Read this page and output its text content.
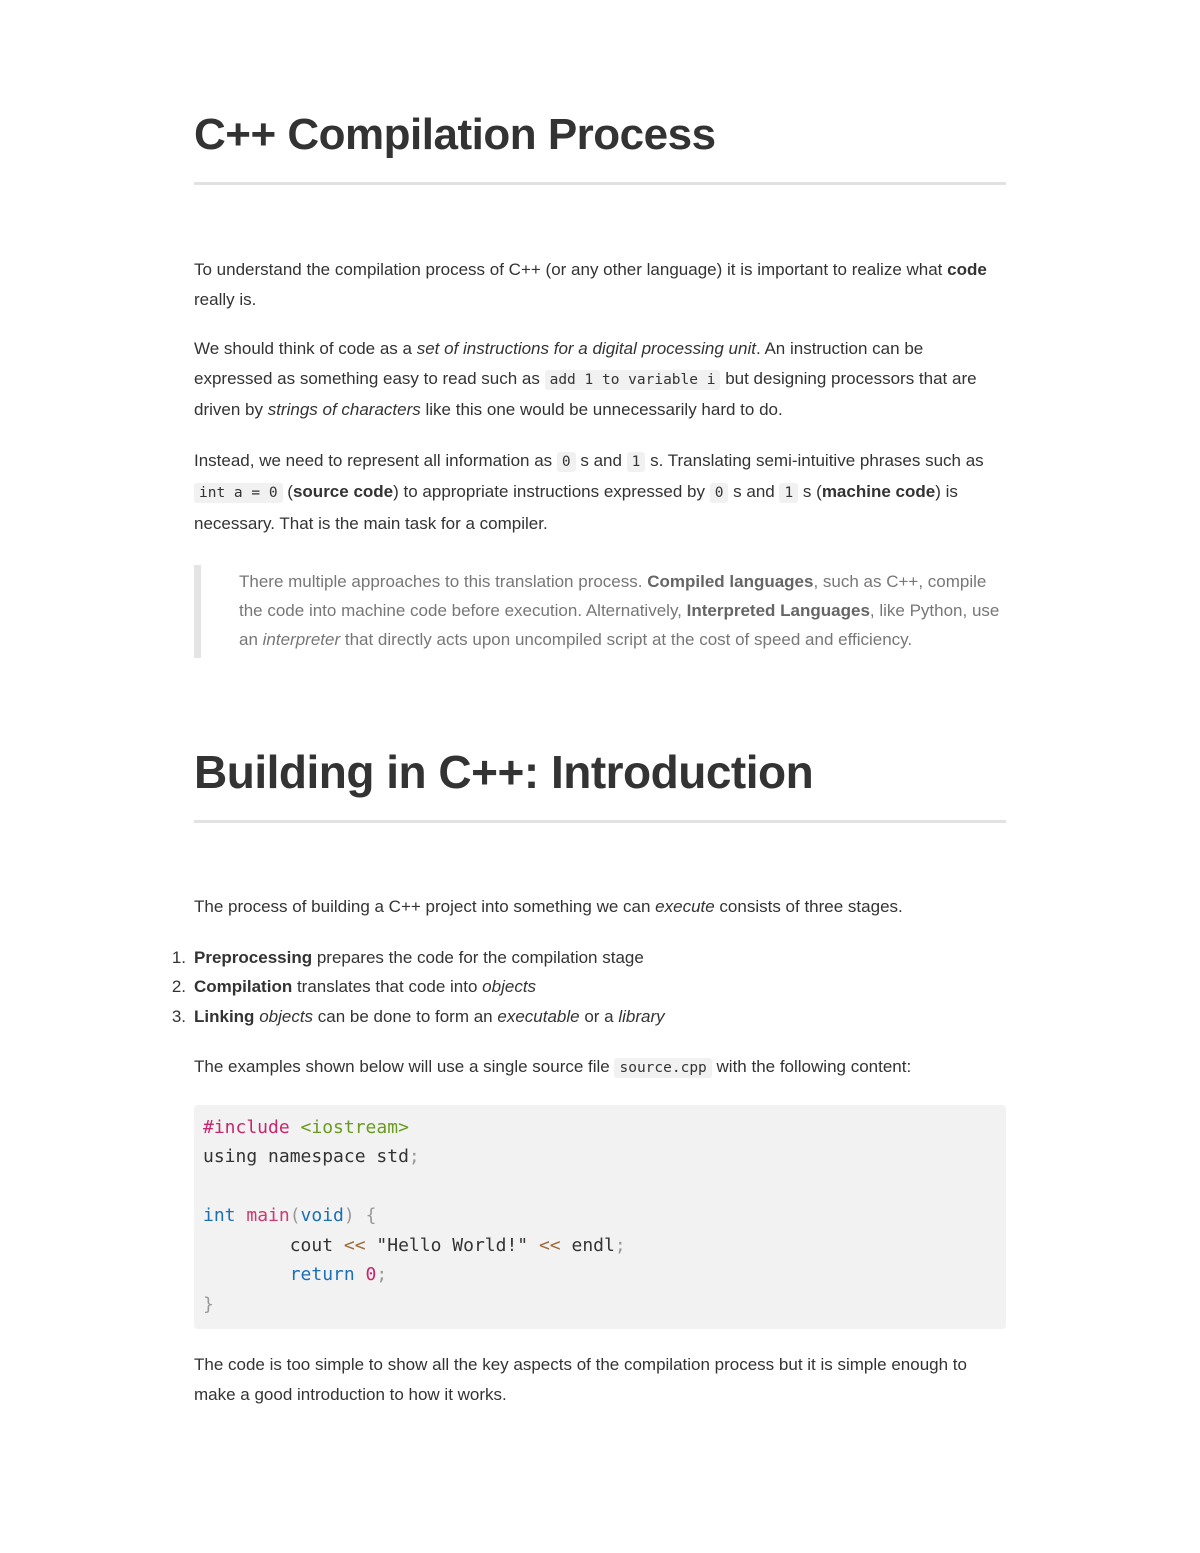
C++ Compilation Process

To understand the compilation process of C++ (or any other language) it is important to realize what code really is.

We should think of code as a set of instructions for a digital processing unit. An instruction can be expressed as something easy to read such as add 1 to variable i but designing processors that are driven by strings of characters like this one would be unnecessarily hard to do.

Instead, we need to represent all information as 0 s and 1 s. Translating semi-intuitive phrases such as int a = 0 (source code) to appropriate instructions expressed by 0 s and 1 s (machine code) is necessary. That is the main task for a compiler.

There multiple approaches to this translation process. Compiled languages, such as C++, compile the code into machine code before execution. Alternatively, Interpreted Languages, like Python, use an interpreter that directly acts upon uncompiled script at the cost of speed and efficiency.

Building in C++: Introduction

The process of building a C++ project into something we can execute consists of three stages.

1. Preprocessing prepares the code for the compilation stage
2. Compilation translates that code into objects
3. Linking objects can be done to form an executable or a library

The examples shown below will use a single source file source.cpp with the following content:

#include <iostream>
using namespace std;

int main(void) {
cout << "Hello World!" << endl;
return 0;
}

The code is too simple to show all the key aspects of the compilation process but it is simple enough to make a good introduction to how it works.
